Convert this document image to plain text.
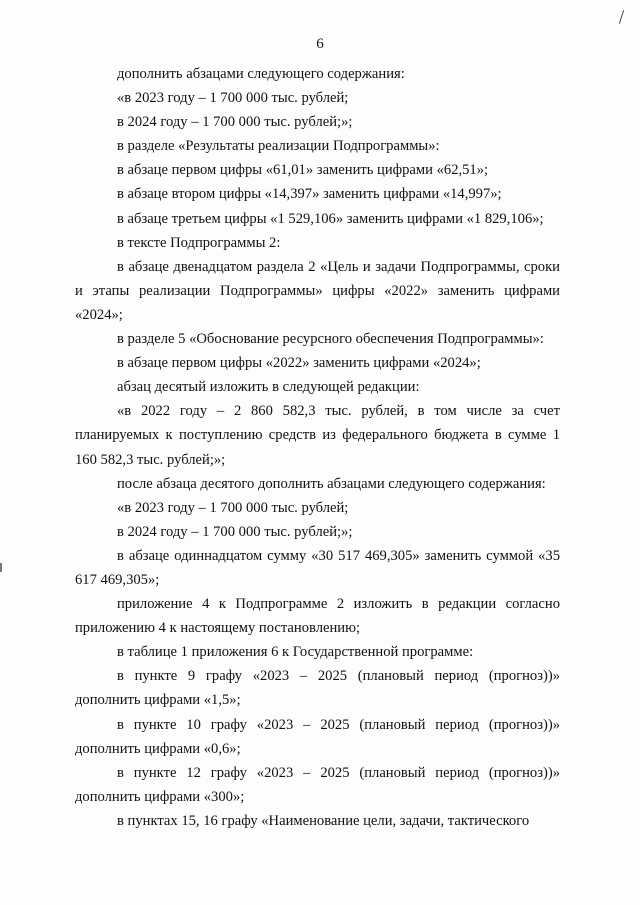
6

дополнить абзацами следующего содержания:

«в 2023 году – 1 700 000 тыс. рублей;

в 2024 году – 1 700 000 тыс. рублей;»;

в разделе «Результаты реализации Подпрограммы»:

в абзаце первом цифры «61,01» заменить цифрами «62,51»;

в абзаце втором цифры «14,397» заменить цифрами «14,997»;

в абзаце третьем цифры «1 529,106» заменить цифрами «1 829,106»;

в тексте Подпрограммы 2:

в абзаце двенадцатом раздела 2 «Цель и задачи Подпрограммы, сроки и этапы реализации Подпрограммы» цифры «2022» заменить цифрами «2024»;

в разделе 5 «Обоснование ресурсного обеспечения Подпрограммы»:

в абзаце первом цифры «2022» заменить цифрами «2024»;

абзац десятый изложить в следующей редакции:

«в 2022 году – 2 860 582,3 тыс. рублей, в том числе за счет планируемых к поступлению средств из федерального бюджета в сумме 1 160 582,3 тыс. рублей;»;

после абзаца десятого дополнить абзацами следующего содержания:

«в 2023 году – 1 700 000 тыс. рублей;

в 2024 году – 1 700 000 тыс. рублей;»;

в абзаце одиннадцатом сумму «30 517 469,305» заменить суммой «35 617 469,305»;

приложение 4 к Подпрограмме 2 изложить в редакции согласно приложению 4 к настоящему постановлению;

в таблице 1 приложения 6 к Государственной программе:

в пункте 9 графу «2023 – 2025 (плановый период (прогноз))» дополнить цифрами «1,5»;

в пункте 10 графу «2023 – 2025 (плановый период (прогноз))» дополнить цифрами «0,6»;

в пункте 12 графу «2023 – 2025 (плановый период (прогноз))» дополнить цифрами «300»;

в пунктах 15, 16 графу «Наименование цели, задачи, тактического
